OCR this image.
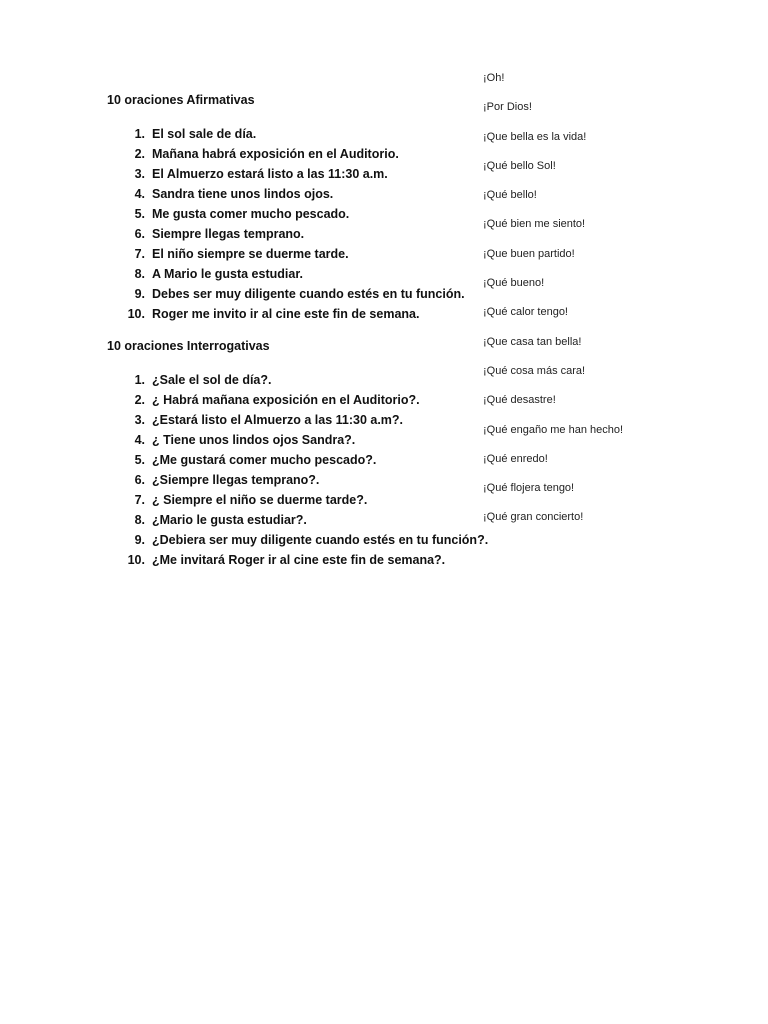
10 oraciones Afirmativas
1. El sol sale de día.
2. Mañana habrá exposición en el Auditorio.
3. El Almuerzo estará listo a las 11:30 a.m.
4. Sandra tiene unos lindos ojos.
5. Me gusta comer mucho pescado.
6. Siempre llegas temprano.
7. El niño siempre se duerme tarde.
8. A Mario le gusta estudiar.
9. Debes ser muy diligente cuando estés en tu función.
10. Roger me invito ir al cine este fin de semana.
10 oraciones Interrogativas
1. ¿Sale el sol de día?.
2. ¿ Habrá mañana exposición en el Auditorio?.
3. ¿Estará listo el Almuerzo a las 11:30 a.m?.
4. ¿ Tiene unos lindos ojos Sandra?.
5. ¿Me gustará comer mucho pescado?.
6. ¿Siempre llegas temprano?.
7. ¿ Siempre el niño se duerme tarde?.
8. ¿Mario le gusta estudiar?.
9. ¿Debiera ser muy diligente cuando estés en tu función?.
10. ¿Me invitará Roger ir al cine este fin de semana?.
¡Oh!
¡Por Dios!
¡Que bella es la vida!
¡Qué bello Sol!
¡Qué bello!
¡Qué bien me siento!
¡Que buen partido!
¡Qué bueno!
¡Qué calor tengo!
¡Que casa tan bella!
¡Qué cosa más cara!
¡Qué desastre!
¡Qué engaño me han hecho!
¡Qué enredo!
¡Qué flojera tengo!
¡Qué gran concierto!
